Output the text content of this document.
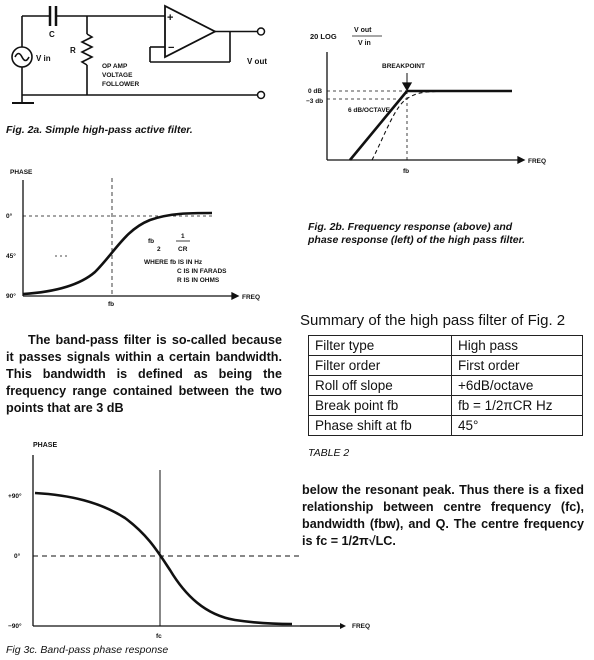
C
R
V in	V out
OP AMP
VOLTAGE
FOLLOWER
+
−
Fig. 2a. Simple high-pass active filter.
20 LOG
V out
V in
BREAKPOINT
0 dB
−3 db
6 dB/OCTAVE
FREQ
fb
Fig. 2b. Frequency response (above) and
phase response (left) of the high pass filter.
PHASE
0°
45°
90°	FREQ
fb
fb
1
2	CR
WHERE fb IS IN Hz
C IS IN FARADS
R IS IN OHMS

The band-pass filter is so-called because it passes signals within a certain bandwidth. This bandwidth is defined as being the frequency range contained between the two points that are 3 dB

below the resonant peak. Thus there is a fixed relationship between centre frequency (fc), bandwidth (fbw), and Q. The centre frequency is fc = 1/2π√LC.

Summary of the high pass filter of Fig. 2
Filter type	High pass
Filter order	First order
Roll off slope	+6dB/octave
Break point fb	fb = 1/2πCR Hz
Phase shift at fb	45°
TABLE 2
PHASE
+90°
0°
−90°
fc
FREQ
Fig 3c. Band-pass phase response
